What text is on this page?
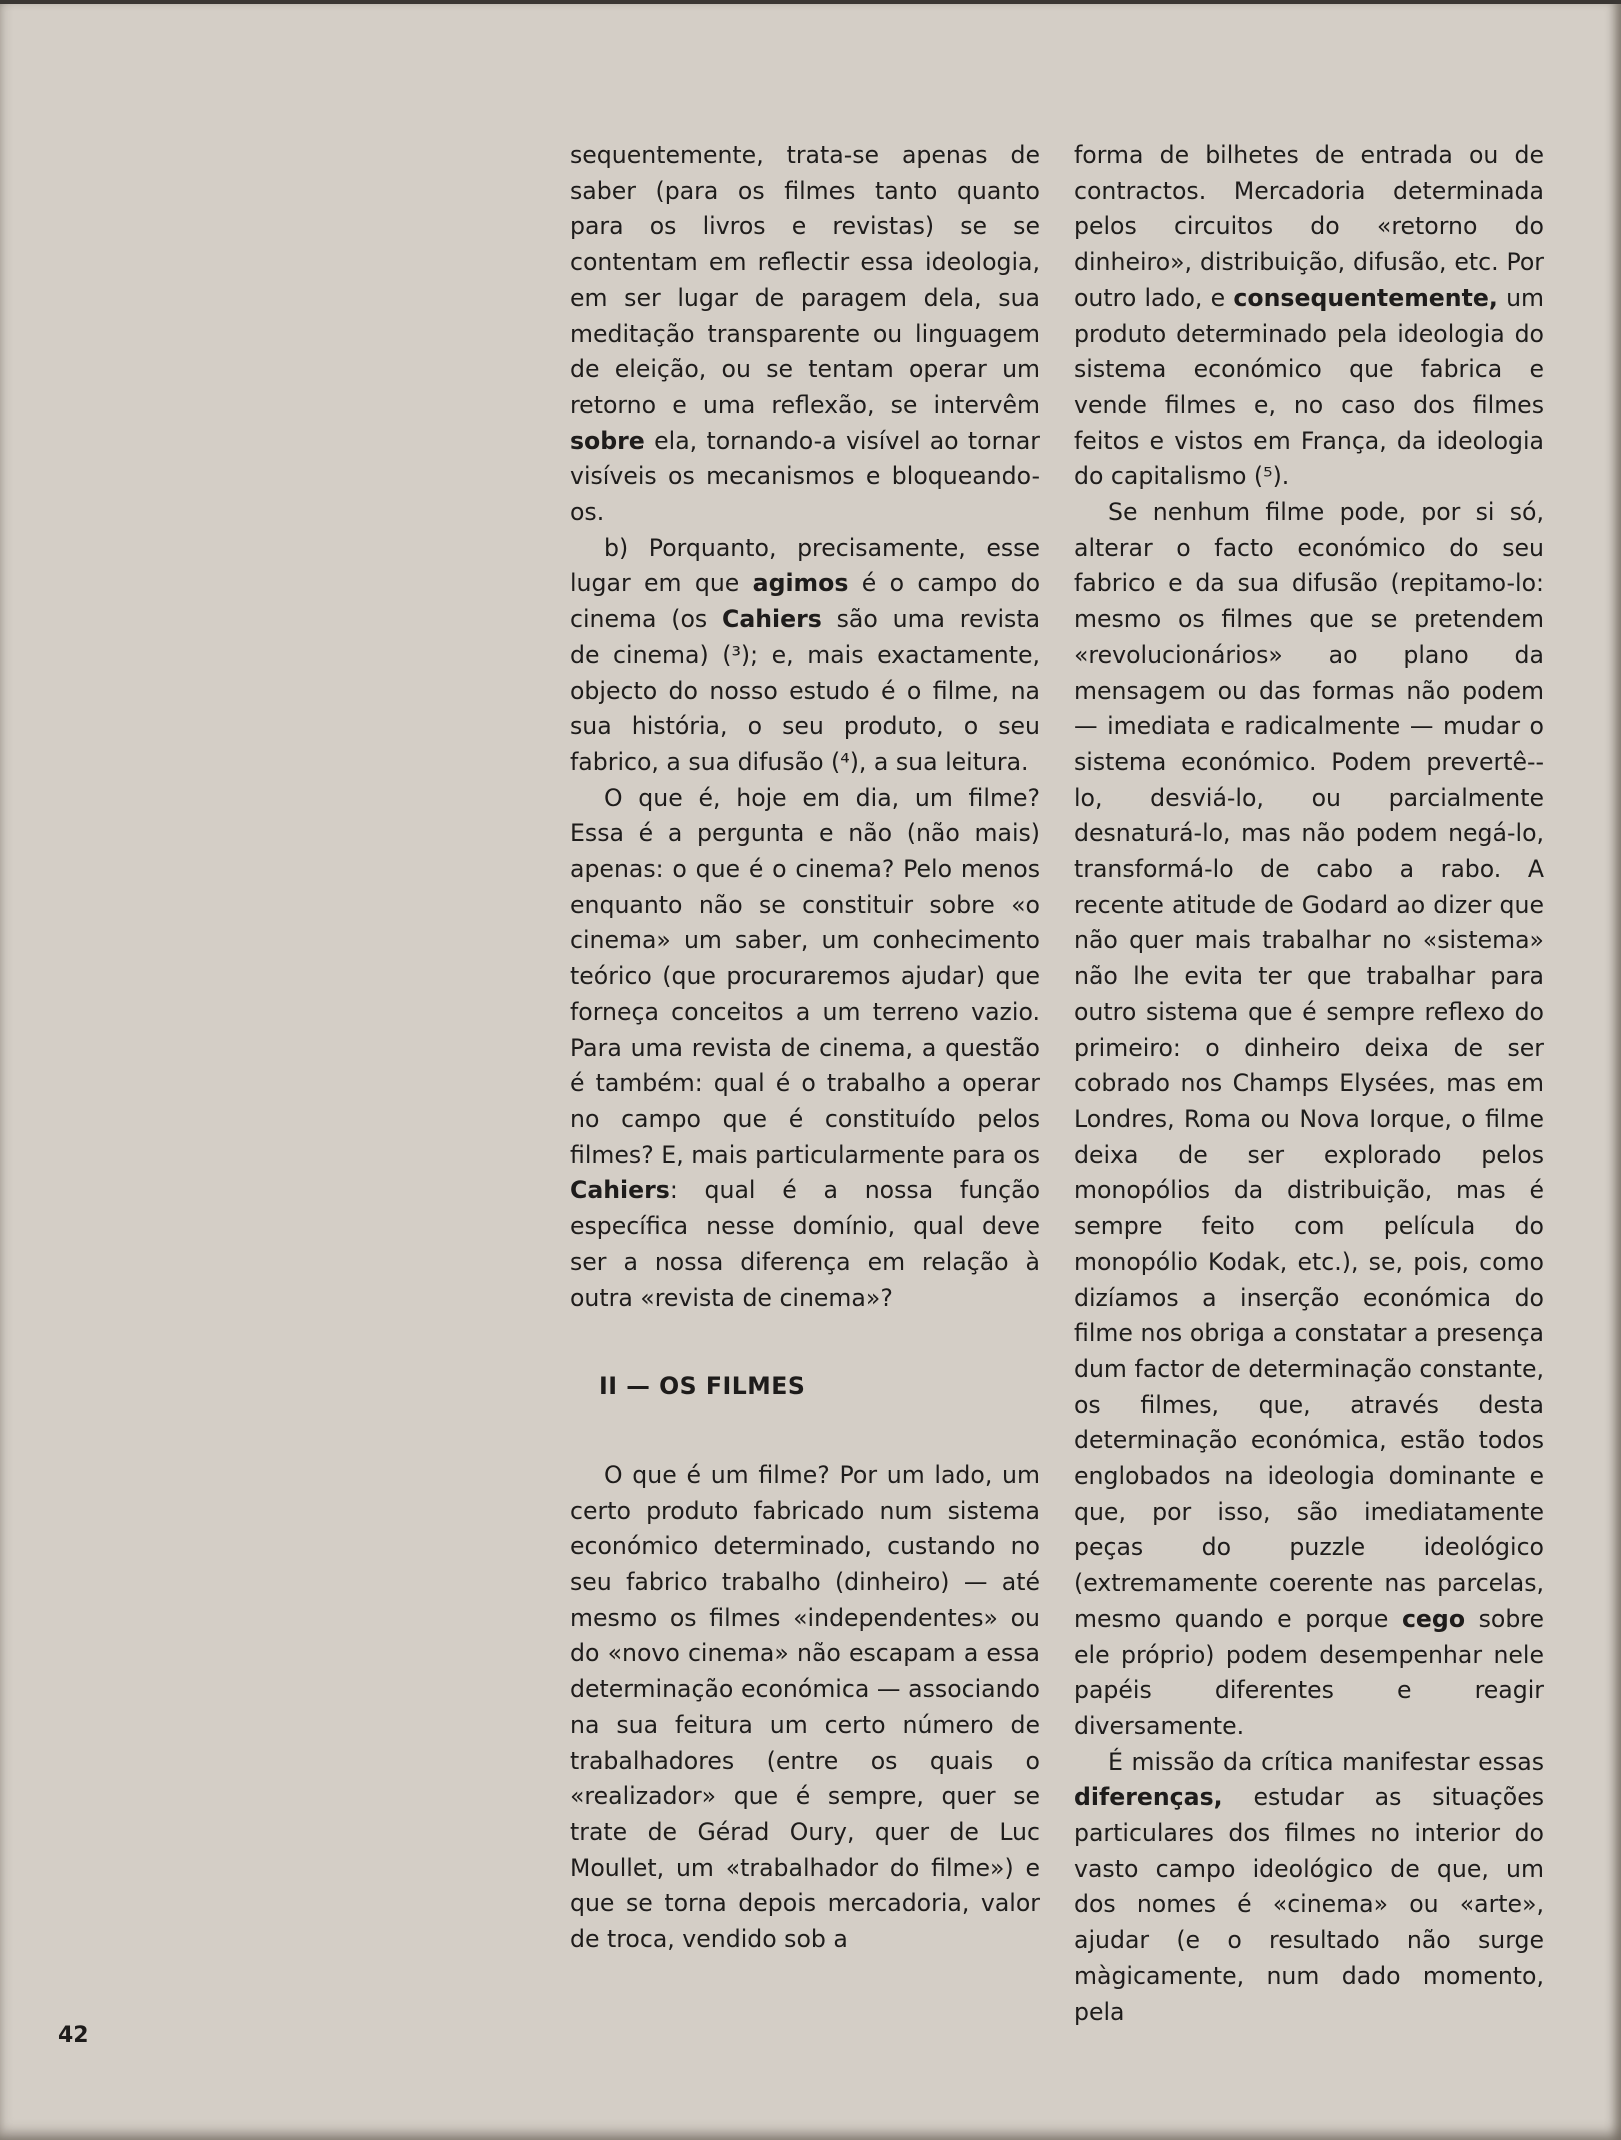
sequentemente, trata-se apenas de saber (para os filmes tanto quanto para os livros e revistas) se se contentam em reflectir essa ideologia, em ser lugar de paragem dela, sua meditação transparente ou linguagem de eleição, ou se tentam operar um retorno e uma reflexão, se intervêm sobre ela, tornando-a visível ao tornar visíveis os mecanismos e bloqueando-os.

b) Porquanto, precisamente, esse lugar em que agimos é o campo do cinema (os Cahiers são uma revista de cinema) (³); e, mais exactamente, objecto do nosso estudo é o filme, na sua história, o seu produto, o seu fabrico, a sua difusão (⁴), a sua leitura.

O que é, hoje em dia, um filme? Essa é a pergunta e não (não mais) apenas: o que é o cinema? Pelo menos enquanto não se constituir sobre «o cinema» um saber, um conhecimento teórico (que procuraremos ajudar) que forneça conceitos a um terreno vazio. Para uma revista de cinema, a questão é também: qual é o trabalho a operar no campo que é constituído pelos filmes? E, mais particularmente para os Cahiers: qual é a nossa função específica nesse domínio, qual deve ser a nossa diferença em relação à outra «revista de cinema»?

II — OS FILMES

O que é um filme? Por um lado, um certo produto fabricado num sistema económico determinado, custando no seu fabrico trabalho (dinheiro) — até mesmo os filmes «independentes» ou do «novo cinema» não escapam a essa determinação económica — associando na sua feitura um certo número de trabalhadores (entre os quais o «realizador» que é sempre, quer se trate de Gérad Oury, quer de Luc Moullet, um «trabalhador do filme») e que se torna depois mercadoria, valor de troca, vendido sob a

forma de bilhetes de entrada ou de contractos. Mercadoria determinada pelos circuitos do «retorno do dinheiro», distribuição, difusão, etc. Por outro lado, e consequentemente, um produto determinado pela ideologia do sistema económico que fabrica e vende filmes e, no caso dos filmes feitos e vistos em França, da ideologia do capitalismo (⁵).

Se nenhum filme pode, por si só, alterar o facto económico do seu fabrico e da sua difusão (repitamo-lo: mesmo os filmes que se pretendem «revolucionários» ao plano da mensagem ou das formas não podem — imediata e radicalmente — mudar o sistema económico. Podem prevertê--lo, desviá-lo, ou parcialmente desnaturá-lo, mas não podem negá-lo, transformá-lo de cabo a rabo. A recente atitude de Godard ao dizer que não quer mais trabalhar no «sistema» não lhe evita ter que trabalhar para outro sistema que é sempre reflexo do primeiro: o dinheiro deixa de ser cobrado nos Champs Elysées, mas em Londres, Roma ou Nova Iorque, o filme deixa de ser explorado pelos monopólios da distribuição, mas é sempre feito com película do monopólio Kodak, etc.), se, pois, como dizíamos a inserção económica do filme nos obriga a constatar a presença dum factor de determinação constante, os filmes, que, através desta determinação económica, estão todos englobados na ideologia dominante e que, por isso, são imediatamente peças do puzzle ideológico (extremamente coerente nas parcelas, mesmo quando e porque cego sobre ele próprio) podem desempenhar nele papéis diferentes e reagir diversamente.

É missão da crítica manifestar essas diferenças, estudar as situações particulares dos filmes no interior do vasto campo ideológico de que, um dos nomes é «cinema» ou «arte», ajudar (e o resultado não surge màgicamente, num dado momento, pela

42
